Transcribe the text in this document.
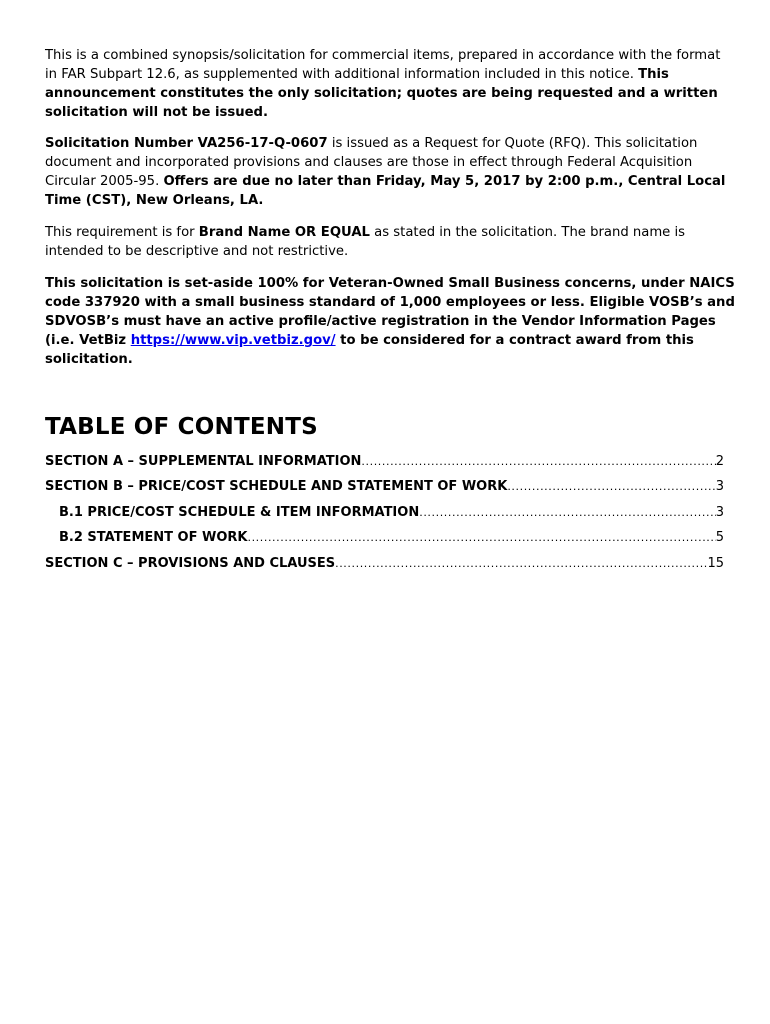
This is a combined synopsis/solicitation for commercial items, prepared in accordance with the format in FAR Subpart 12.6, as supplemented with additional information included in this notice. This announcement constitutes the only solicitation; quotes are being requested and a written solicitation will not be issued.

Solicitation Number VA256-17-Q-0607 is issued as a Request for Quote (RFQ). This solicitation document and incorporated provisions and clauses are those in effect through Federal Acquisition Circular 2005-95. Offers are due no later than Friday, May 5, 2017 by 2:00 p.m., Central Local Time (CST), New Orleans, LA.

This requirement is for Brand Name OR EQUAL as stated in the solicitation. The brand name is intended to be descriptive and not restrictive.

This solicitation is set-aside 100% for Veteran-Owned Small Business concerns, under NAICS code 337920 with a small business standard of 1,000 employees or less. Eligible VOSB’s and SDVOSB’s must have an active profile/active registration in the Vendor Information Pages (i.e. VetBiz https://www.vip.vetbiz.gov/ to be considered for a contract award from this solicitation.

TABLE OF CONTENTS
SECTION A – SUPPLEMENTAL INFORMATION .....	2
SECTION B – PRICE/COST SCHEDULE AND STATEMENT OF WORK .....	3
B.1 PRICE/COST SCHEDULE & ITEM INFORMATION .....	3
B.2 STATEMENT OF WORK .....	5
SECTION C – PROVISIONS AND CLAUSES .....	15
